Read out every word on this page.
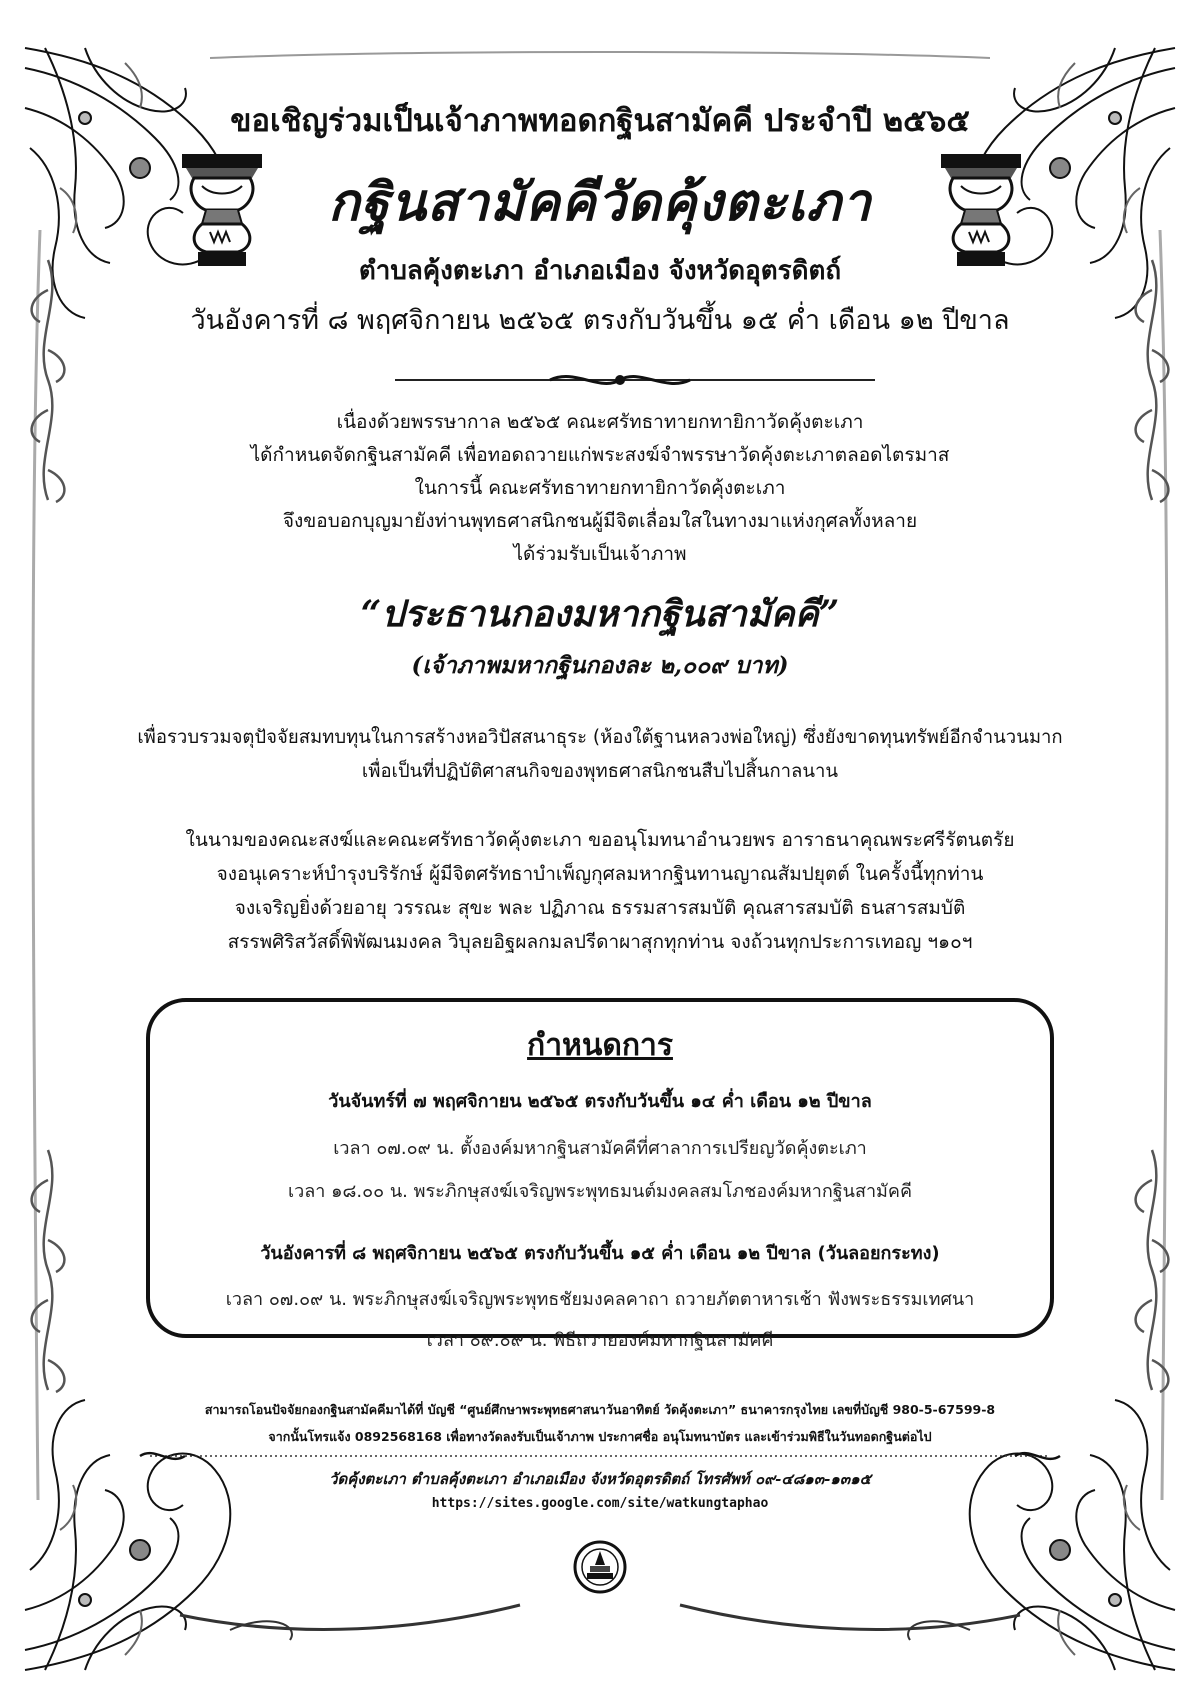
ขอเชิญร่วมเป็นเจ้าภาพทอดกฐินสามัคคี ประจำปี ๒๕๖๕
กฐินสามัคคีวัดคุ้งตะเภา
ตำบลคุ้งตะเภา อำเภอเมือง จังหวัดอุตรดิตถ์
วันอังคารที่ ๘ พฤศจิกายน ๒๕๖๕ ตรงกับวันขึ้น ๑๕ ค่ำ เดือน ๑๒ ปีขาล
เนื่องด้วยพรรษากาล ๒๕๖๕ คณะศรัทธาทายกทายิกาวัดคุ้งตะเภา
ได้กำหนดจัดกฐินสามัคคี เพื่อทอดถวายแก่พระสงฆ์จำพรรษาวัดคุ้งตะเภาตลอดไตรมาส
ในการนี้ คณะศรัทธาทายกทายิกาวัดคุ้งตะเภา
จึงขอบอกบุญมายังท่านพุทธศาสนิกชนผู้มีจิตเลื่อมใสในทางมาแห่งกุศลทั้งหลาย
ได้ร่วมรับเป็นเจ้าภาพ
“ประธานกองมหากฐินสามัคคี”
(เจ้าภาพมหากฐินกองละ ๒,๐๐๙ บาท)
เพื่อรวบรวมจตุปัจจัยสมทบทุนในการสร้างหอวิปัสสนาธุระ (ห้องใต้ฐานหลวงพ่อใหญ่) ซึ่งยังขาดทุนทรัพย์อีกจำนวนมาก
เพื่อเป็นที่ปฏิบัติศาสนกิจของพุทธศาสนิกชนสืบไปสิ้นกาลนาน
ในนามของคณะสงฆ์และคณะศรัทธาวัดคุ้งตะเภา ขออนุโมทนาอำนวยพร อาราธนาคุณพระศรีรัตนตรัย
จงอนุเคราะห์บำรุงบริรักษ์ ผู้มีจิตศรัทธาบำเพ็ญกุศลมหากฐินทานญาณสัมปยุตต์ ในครั้งนี้ทุกท่าน
จงเจริญยิ่งด้วยอายุ วรรณะ สุขะ พละ ปฏิภาณ ธรรมสารสมบัติ คุณสารสมบัติ ธนสารสมบัติ
สรรพศิริสวัสดิ์พิพัฒนมงคล วิบุลยอิฐผลกมลปรีดาผาสุกทุกท่าน จงถ้วนทุกประการเทอญ ฯ๑๐ฯ
กำหนดการ
วันจันทร์ที่ ๗ พฤศจิกายน ๒๕๖๕ ตรงกับวันขึ้น ๑๔ ค่ำ เดือน ๑๒ ปีขาล
เวลา ๐๗.๐๙ น. ตั้งองค์มหากฐินสามัคคีที่ศาลาการเปรียญวัดคุ้งตะเภา
เวลา ๑๘.๐๐ น. พระภิกษุสงฆ์เจริญพระพุทธมนต์มงคลสมโภชองค์มหากฐินสามัคคี
วันอังคารที่ ๘ พฤศจิกายน ๒๕๖๕ ตรงกับวันขึ้น ๑๕ ค่ำ เดือน ๑๒ ปีขาล (วันลอยกระทง)
เวลา ๐๗.๐๙ น. พระภิกษุสงฆ์เจริญพระพุทธชัยมงคลคาถา ถวายภัตตาหารเช้า ฟังพระธรรมเทศนา
เวลา ๐๙.๐๙ น. พิธีถวายองค์มหากฐินสามัคคี
สามารถโอนปัจจัยกองกฐินสามัคคีมาได้ที่ บัญชี “ศูนย์ศึกษาพระพุทธศาสนาวันอาทิตย์ วัดคุ้งตะเภา” ธนาคารกรุงไทย เลขที่บัญชี 980-5-67599-8
จากนั้นโทรแจ้ง 0892568168 เพื่อทางวัดลงรับเป็นเจ้าภาพ ประกาศชื่อ อนุโมทนาบัตร และเข้าร่วมพิธีในวันทอดกฐินต่อไป
วัดคุ้งตะเภา ตำบลคุ้งตะเภา อำเภอเมือง จังหวัดอุตรดิตถ์ โทรศัพท์ ๐๙-๔๘๑๓-๑๓๑๕
https://sites.google.com/site/watkungtaphao
